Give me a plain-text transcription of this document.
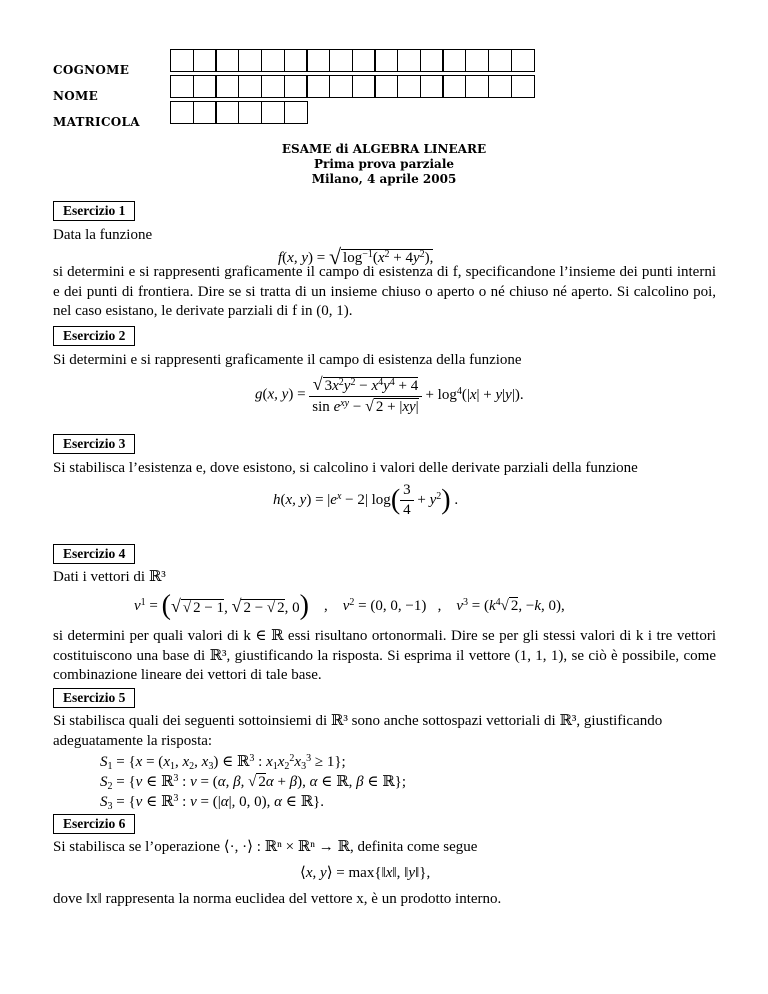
COGNOME
NOME
MATRICOLA
ESAME di ALGEBRA LINEARE
Prima prova parziale
Milano, 4 aprile 2005
Esercizio 1
Data la funzione
f(x, y) = √ $\log^{-1}(x^2 + 4y^2)$,
si determini e si rappresenti graficamente il campo di esistenza di f, specificandone l’insieme dei punti interni e dei punti di frontiera. Dire se si tratta di un insieme chiuso o aperto o né chiuso né aperto. Si calcolino poi, nel caso esistano, le derivate parziali di f in (0, 1).
Esercizio 2
Si determini e si rappresenti graficamente il campo di esistenza della funzione
g(x, $y) = \frac{√ 3x^2y^2 - x^4y^4 + 4}{\sin e^{xy} - √ 2 + |xy|} + \log^4(|x| + y|y|)$.
Esercizio 3
Si stabilisca l’esistenza e, dove esistono, si calcolino i valori delle derivate parziali della funzione
h(x, $y) = |e^x - 2|$ $\log( \frac{3}{4} + y^2)$ .
Esercizio 4
Dati i vettori di ℝ³
$v^1$ = (√ √ 2 − 1, √ 2 − √ 2, 0)    ,    $v^2 = (0$, 0, −1)   ,    $v^3 = (k^4√$ 2, −k, 0),
si determini per quali valori di k ∈ ℝ essi risultano ortonormali. Dire se per gli stessi valori di k i tre vettori costituiscono una base di ℝ³, giustificando la risposta. Si esprima il vettore (1, 1, 1), se ciò è possibile, come combinazione lineare dei vettori di tale base.
Esercizio 5
Si stabilisca quali dei seguenti sottoinsiemi di ℝ³ sono anche sottospazi vettoriali di ℝ³, giustificando adeguatamente la risposta:
$S_1 = \{x = (x_1$, $x_2$, $x_3$) ∈ ℝ$^3$ : $x_1x_2^2x_3^3 \ge 1$};
$S_2 = \{v$ ∈ ℝ$^3$ : v = (α, β, √ 2α + β), α ∈ ℝ, β ∈ ℝ};
$S_3 = \{v$ ∈ ℝ$^3$ : v = (|α|, 0, 0), α ∈ ℝ}.
Esercizio 6
Si stabilisca se l’operazione ⟨·, ·⟩ : ℝⁿ × ℝⁿ → ℝ, definita come segue
⟨x, y⟩ = max{‖x‖, ‖y‖},
dove ‖x‖ rappresenta la norma euclidea del vettore x, è un prodotto interno.
